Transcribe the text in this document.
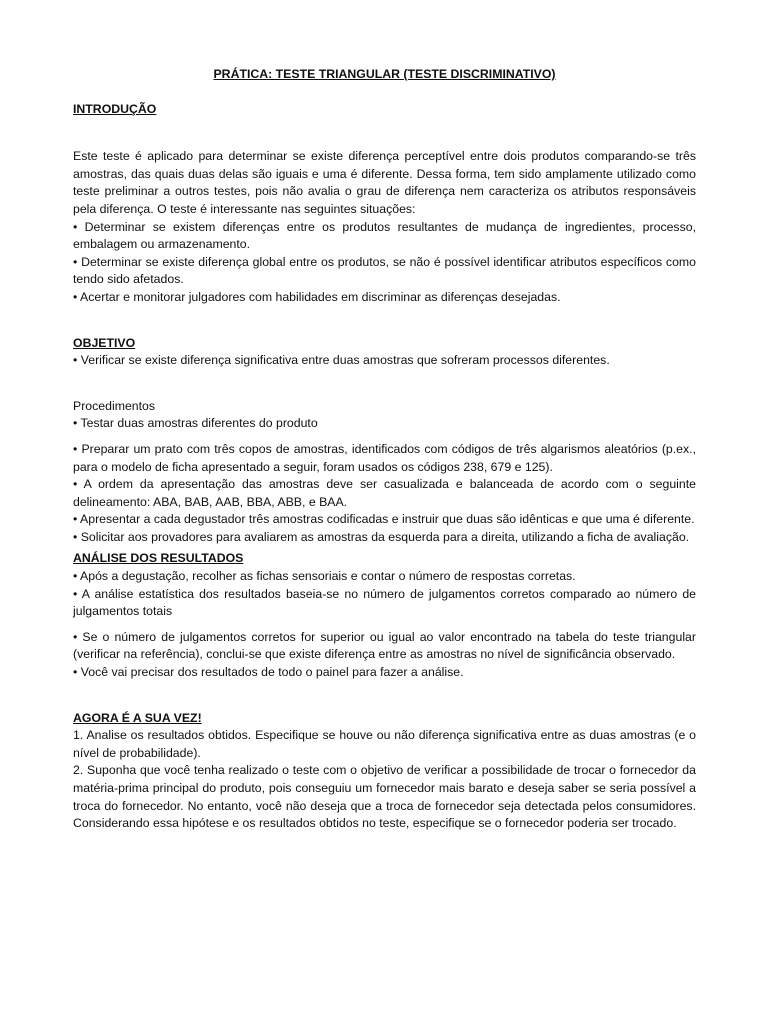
PRÁTICA: TESTE TRIANGULAR (TESTE DISCRIMINATIVO)

INTRODUÇÃO

Este teste é aplicado para determinar se existe diferença perceptível entre dois produtos comparando-se três amostras, das quais duas delas são iguais e uma é diferente. Dessa forma, tem sido amplamente utilizado como teste preliminar a outros testes, pois não avalia o grau de diferença nem caracteriza os atributos responsáveis pela diferença. O teste é interessante nas seguintes situações:

• Determinar se existem diferenças entre os produtos resultantes de mudança de ingredientes, processo, embalagem ou armazenamento.

• Determinar se existe diferença global entre os produtos, se não é possível identificar atributos específicos como tendo sido afetados.

• Acertar e monitorar julgadores com habilidades em discriminar as diferenças desejadas.

OBJETIVO

• Verificar se existe diferença significativa entre duas amostras que sofreram processos diferentes.

Procedimentos

• Testar duas amostras diferentes do produto

• Preparar um prato com três copos de amostras, identificados com códigos de três algarismos aleatórios (p.ex., para o modelo de ficha apresentado a seguir, foram usados os códigos 238, 679 e 125).

• A ordem da apresentação das amostras deve ser casualizada e balanceada de acordo com o seguinte delineamento: ABA, BAB, AAB, BBA, ABB, e BAA.

• Apresentar a cada degustador três amostras codificadas e instruir que duas são idênticas e que uma é diferente.

• Solicitar aos provadores para avaliarem as amostras da esquerda para a direita, utilizando a ficha de avaliação.

ANÁLISE DOS RESULTADOS

• Após a degustação, recolher as fichas sensoriais e contar o número de respostas corretas.

• A análise estatística dos resultados baseia-se no número de julgamentos corretos comparado ao número de julgamentos totais

• Se o número de julgamentos corretos for superior ou igual ao valor encontrado na tabela do teste triangular (verificar na referência), conclui-se que existe diferença entre as amostras no nível de significância observado.

• Você vai precisar dos resultados de todo o painel para fazer a análise.

AGORA É A SUA VEZ!

1. Analise os resultados obtidos. Especifique se houve ou não diferença significativa entre as duas amostras (e o nível de probabilidade).

2. Suponha que você tenha realizado o teste com o objetivo de verificar a possibilidade de trocar o fornecedor da matéria-prima principal do produto, pois conseguiu um fornecedor mais barato e deseja saber se seria possível a troca do fornecedor. No entanto, você não deseja que a troca de fornecedor seja detectada pelos consumidores. Considerando essa hipótese e os resultados obtidos no teste, especifique se o fornecedor poderia ser trocado.
